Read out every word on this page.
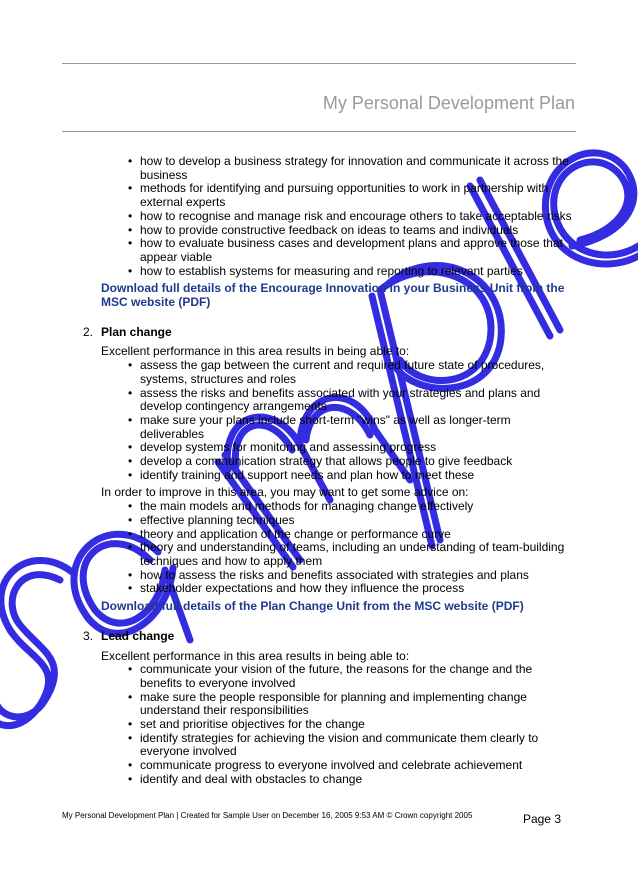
My Personal Development Plan
• how to develop a business strategy for innovation and communicate it across the business
• methods for identifying and pursuing opportunities to work in partnership with external experts
• how to recognise and manage risk and encourage others to take acceptable risks
• how to provide constructive feedback on ideas to teams and individuals
• how to evaluate business cases and development plans and approve those that appear viable
• how to establish systems for measuring and reporting to relevant parties
Download full details of the Encourage Innovation in your Business Unit from the MSC website (PDF)
2. Plan change
Excellent performance in this area results in being able to:
• assess the gap between the current and required future state of procedures, systems, structures and roles
• assess the risks and benefits associated with your strategies and plans and develop contingency arrangements
• make sure your plans include short-term "wins" as well as longer-term deliverables
• develop systems for monitoring and assessing progress
• develop a communication strategy that allows people to give feedback
• identify training and support needs and plan how to meet these
In order to improve in this area, you may want to get some advice on:
• the main models and methods for managing change effectively
• effective planning techniques
• theory and application of the change or performance curve
• theory and understanding of teams, including an understanding of team-building techniques and how to apply them
• how to assess the risks and benefits associated with strategies and plans
• stakeholder expectations and how they influence the process
Download full details of the Plan Change Unit from the MSC website (PDF)
3. Lead change
Excellent performance in this area results in being able to:
• communicate your vision of the future, the reasons for the change and the benefits to everyone involved
• make sure the people responsible for planning and implementing change understand their responsibilities
• set and prioritise objectives for the change
• identify strategies for achieving the vision and communicate them clearly to everyone involved
• communicate progress to everyone involved and celebrate achievement
• identify and deal with obstacles to change
My Personal Development Plan | Created for Sample User on December 16, 2005 9:53 AM © Crown copyright 2005	Page 3
